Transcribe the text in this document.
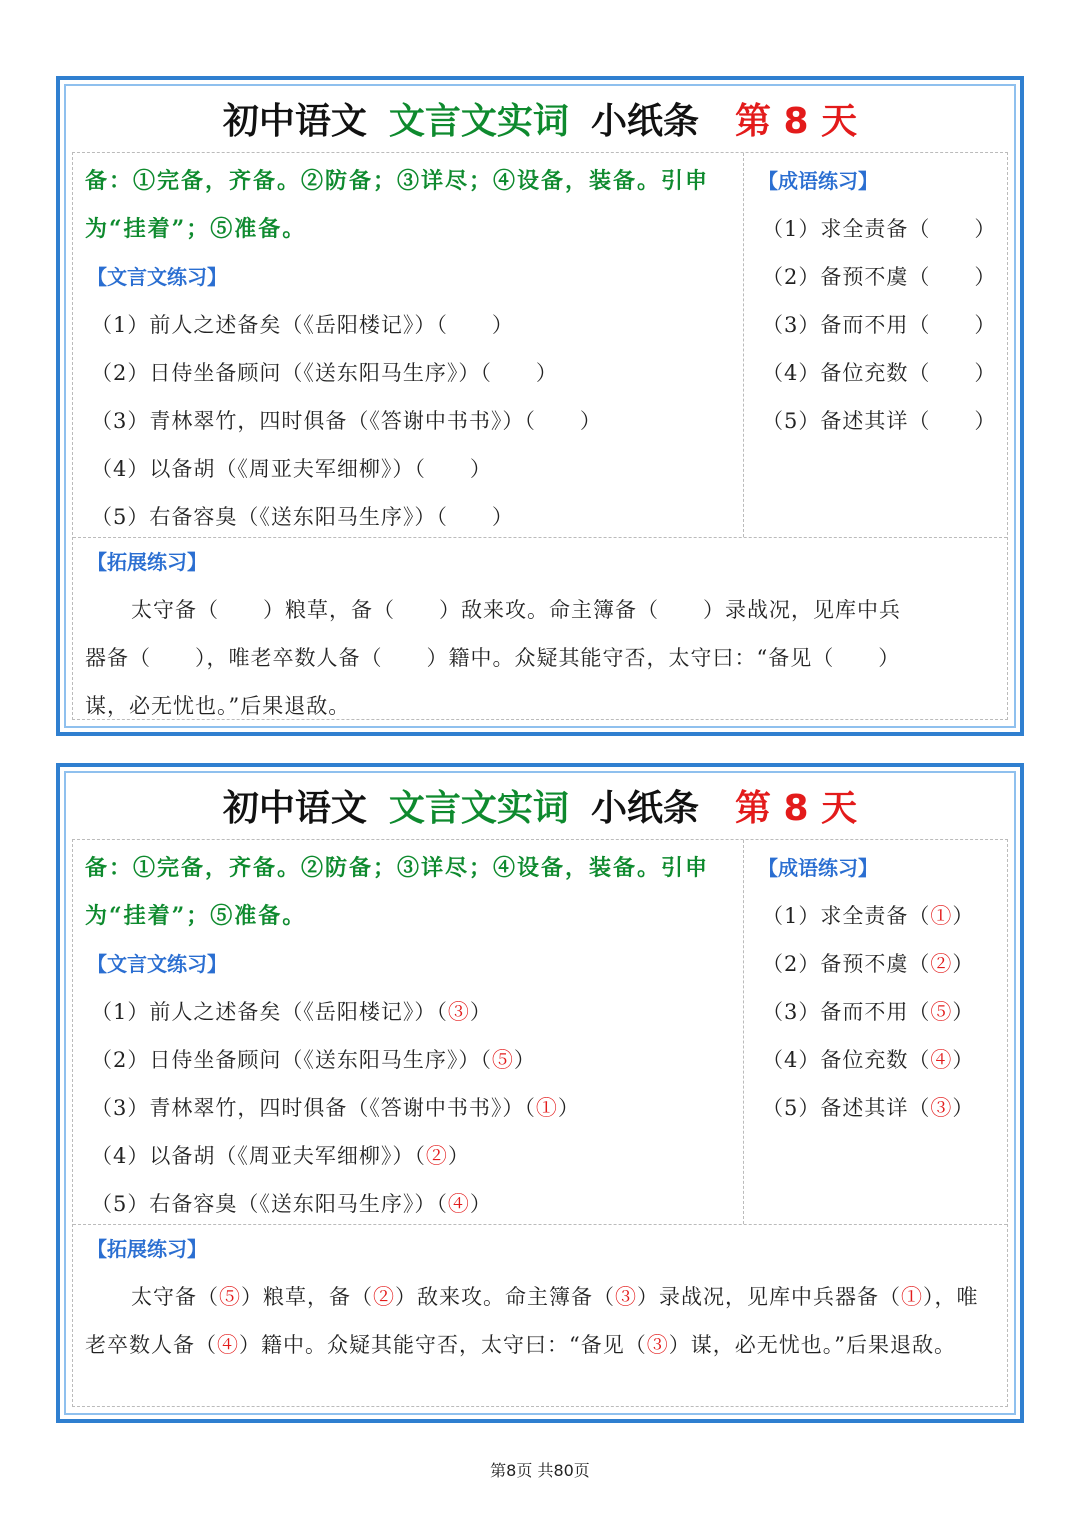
初中语文 文言文实词 小纸条 第 8 天
备：①完备，齐备。②防备；③详尽；④设备，装备。引申
为“挂着”；⑤准备。
【文言文练习】
（1）前人之述备矣（《岳阳楼记》）（　　）
（2）日侍坐备顾问（《送东阳马生序》）（　　）
（3）青林翠竹，四时俱备（《答谢中书书》）（　　）
（4）以备胡（《周亚夫军细柳》）（　　）
（5）右备容臭（《送东阳马生序》）（　　）
【成语练习】
（1）求全责备（　　）
（2）备预不虞（　　）
（3）备而不用（　　）
（4）备位充数（　　）
（5）备述其详（　　）
【拓展练习】
太守备（　　）粮草，备（　　）敌来攻。命主簿备（　　）录战况，见库中兵
器备（　　），唯老卒数人备（　　）籍中。众疑其能守否，太守曰：“备见（　　）
谋，必无忧也。”后果退敌。
初中语文 文言文实词 小纸条 第 8 天
备：①完备，齐备。②防备；③详尽；④设备，装备。引申
为“挂着”；⑤准备。
【文言文练习】
（1）前人之述备矣（《岳阳楼记》）（③）
（2）日侍坐备顾问（《送东阳马生序》）（⑤）
（3）青林翠竹，四时俱备（《答谢中书书》）（①）
（4）以备胡（《周亚夫军细柳》）（②）
（5）右备容臭（《送东阳马生序》）（④）
【成语练习】
（1）求全责备（①）
（2）备预不虞（②）
（3）备而不用（⑤）
（4）备位充数（④）
（5）备述其详（③）
【拓展练习】
太守备（⑤）粮草，备（②）敌来攻。命主簿备（③）录战况，见库中兵器备（①），唯老卒数人备（④）籍中。众疑其能守否，太守曰：“备见（③）谋，必无忧也。”后果退敌。
第8页 共80页
